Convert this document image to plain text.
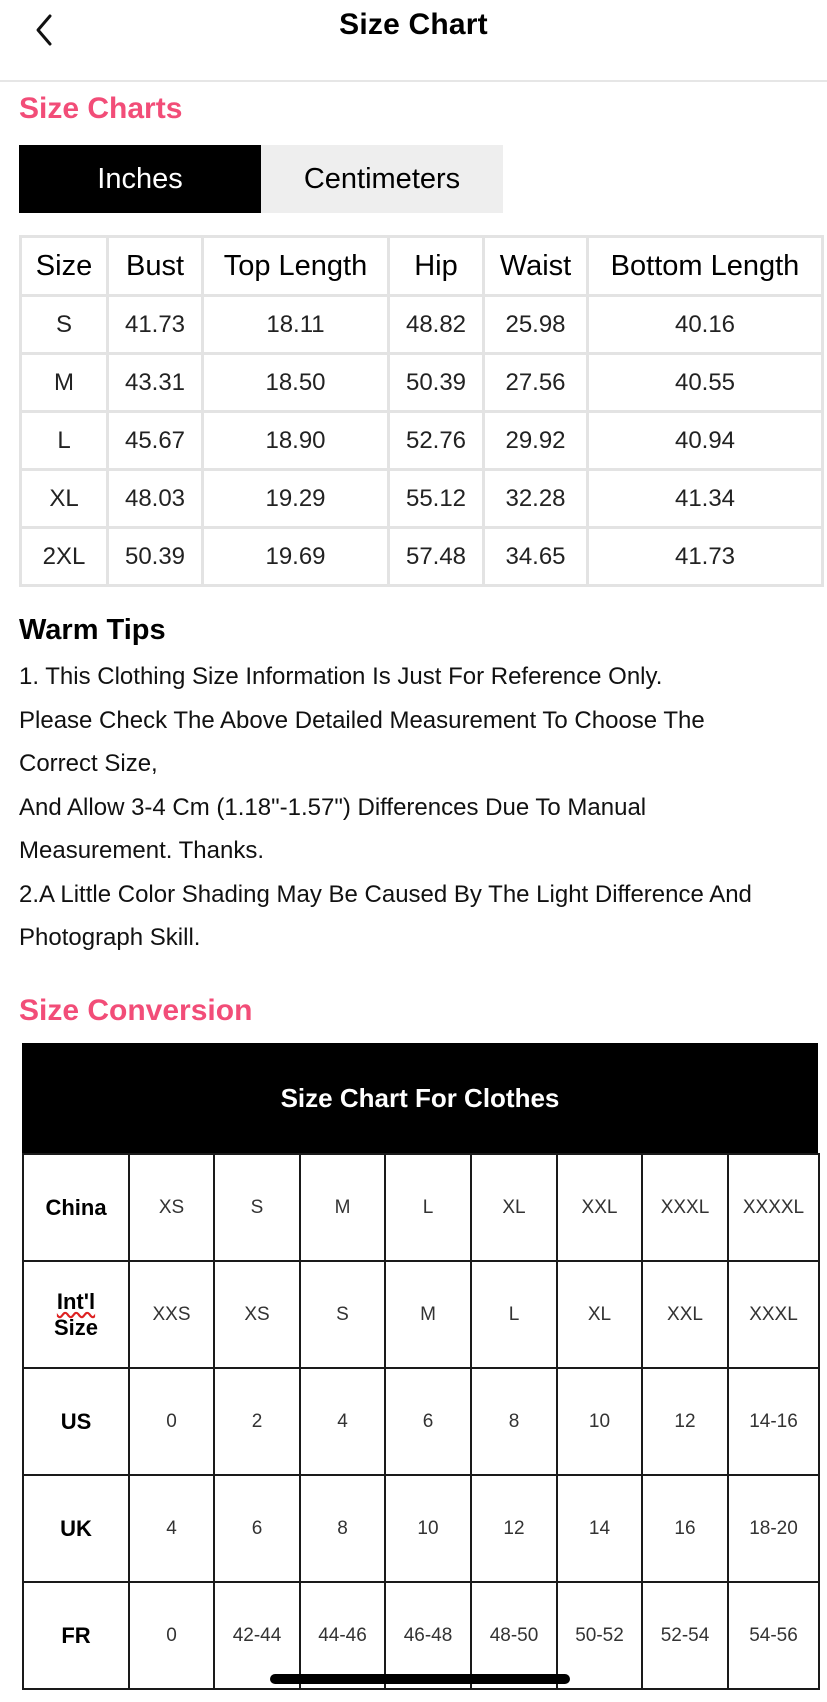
Size Chart
Size Charts
Inches	Centimeters
Size	Bust	Top Length	Hip	Waist	Bottom Length
S	41.73	18.11	48.82	25.98	40.16
M	43.31	18.50	50.39	27.56	40.55
L	45.67	18.90	52.76	29.92	40.94
XL	48.03	19.29	55.12	32.28	41.34
2XL	50.39	19.69	57.48	34.65	41.73
Warm Tips
1. This Clothing Size Information Is Just For Reference Only.
Please Check The Above Detailed Measurement To Choose The
Correct Size,
And Allow 3-4 Cm (1.18"-1.57") Differences Due To Manual
Measurement. Thanks.
2.A Little Color Shading May Be Caused By The Light Difference And
Photograph Skill.
Size Conversion
Size Chart For Clothes
China	XS	S	M	L	XL	XXL	XXXL	XXXXL

Int'l
Size	XXS	XS	S	M	L	XL	XXL	XXXL
US	0	2	4	6	8	10	12	14-16
UK	4	6	8	10	12	14	16	18-20
FR	0	42-44	44-46	46-48	48-50	50-52	52-54	54-56
